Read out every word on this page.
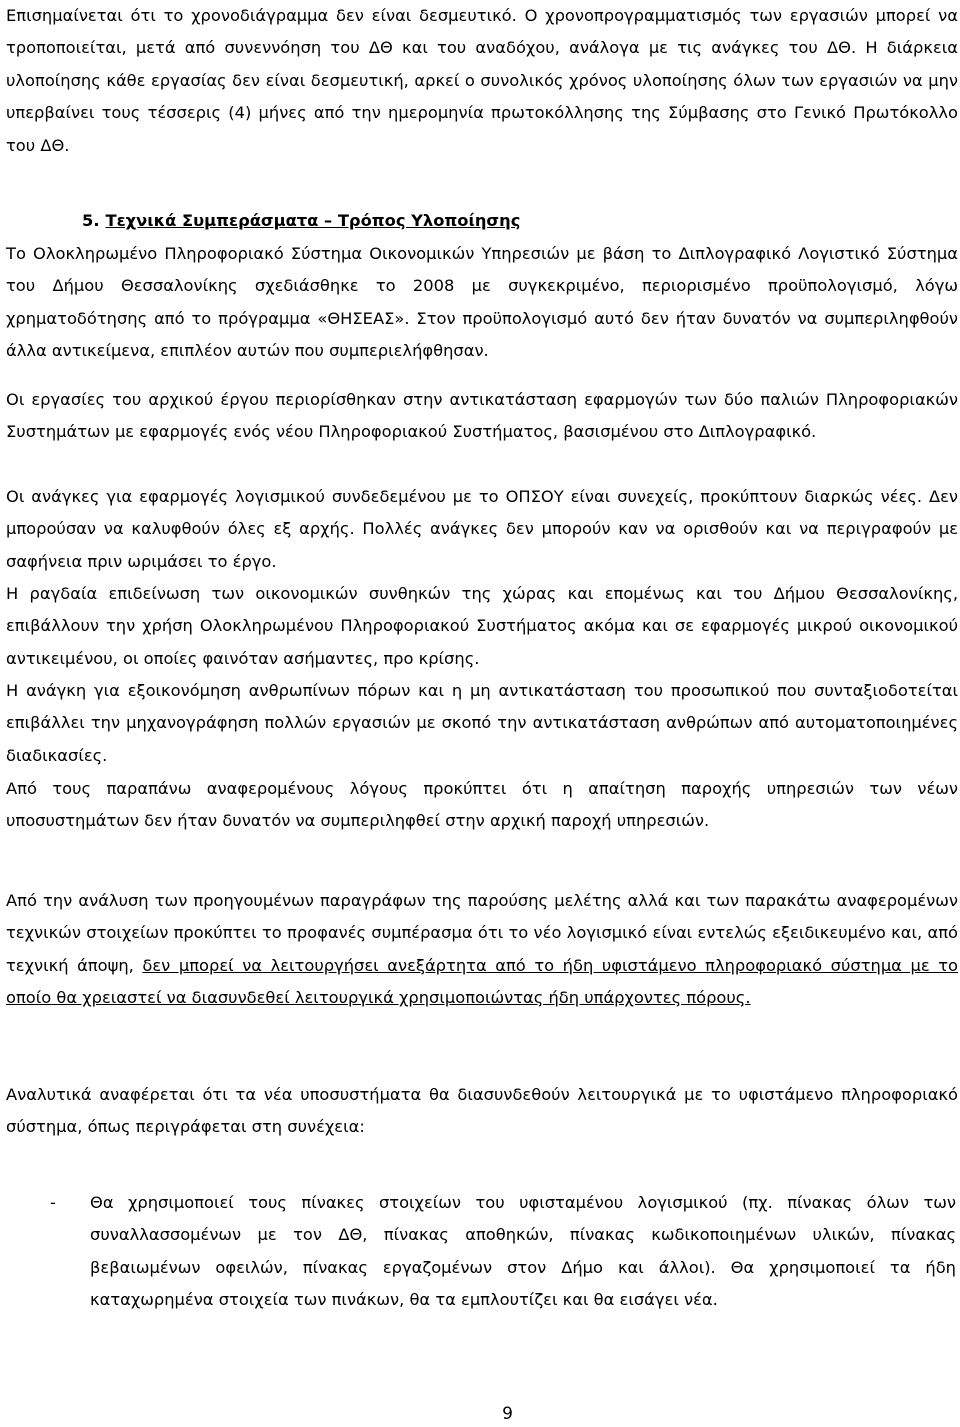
Επισημαίνεται ότι το χρονοδιάγραμμα δεν είναι δεσμευτικό. Ο χρονοπρογραμματισμός των εργασιών μπορεί να τροποποιείται, μετά από συνεννόηση του ΔΘ και του αναδόχου, ανάλογα με τις ανάγκες του ΔΘ. Η διάρκεια υλοποίησης κάθε εργασίας δεν είναι δεσμευτική, αρκεί ο συνολικός χρόνος υλοποίησης όλων των εργασιών να μην υπερβαίνει τους τέσσερις (4) μήνες από την ημερομηνία πρωτοκόλλησης της Σύμβασης στο Γενικό Πρωτόκολλο του ΔΘ.

5. Τεχνικά Συμπεράσματα – Τρόπος Υλοποίησης

Το Ολοκληρωμένο Πληροφοριακό Σύστημα Οικονομικών Υπηρεσιών με βάση το Διπλογραφικό Λογιστικό Σύστημα του Δήμου Θεσσαλονίκης σχεδιάσθηκε το 2008 με συγκεκριμένο, περιορισμένο προϋπολογισμό, λόγω χρηματοδότησης από το πρόγραμμα «ΘΗΣΕΑΣ». Στον προϋπολογισμό αυτό δεν ήταν δυνατόν να συμπεριληφθούν άλλα αντικείμενα, επιπλέον αυτών που συμπεριελήφθησαν.

Οι εργασίες του αρχικού έργου περιορίσθηκαν στην αντικατάσταση εφαρμογών των δύο παλιών Πληροφοριακών Συστημάτων με εφαρμογές ενός νέου Πληροφοριακού Συστήματος, βασισμένου στο Διπλογραφικό.

Οι ανάγκες για εφαρμογές λογισμικού συνδεδεμένου με το ΟΠΣΟΥ είναι συνεχείς, προκύπτουν διαρκώς νέες. Δεν μπορούσαν να καλυφθούν όλες εξ αρχής. Πολλές ανάγκες δεν μπορούν καν να ορισθούν και να περιγραφούν με σαφήνεια πριν ωριμάσει το έργο.

Η ραγδαία επιδείνωση των οικονομικών συνθηκών της χώρας και επομένως και του Δήμου Θεσσαλονίκης, επιβάλλουν την χρήση Ολοκληρωμένου Πληροφοριακού Συστήματος ακόμα και σε εφαρμογές μικρού οικονομικού αντικειμένου, οι οποίες φαινόταν ασήμαντες, προ κρίσης.

Η ανάγκη για εξοικονόμηση ανθρωπίνων πόρων και η μη αντικατάσταση του προσωπικού που συνταξιοδοτείται επιβάλλει την μηχανογράφηση πολλών εργασιών με σκοπό την αντικατάσταση ανθρώπων από αυτοματοποιημένες διαδικασίες.

Από τους παραπάνω αναφερομένους λόγους προκύπτει ότι η απαίτηση παροχής υπηρεσιών των νέων υποσυστημάτων δεν ήταν δυνατόν να συμπεριληφθεί στην αρχική παροχή υπηρεσιών.

Από την ανάλυση των προηγουμένων παραγράφων της παρούσης μελέτης αλλά και των παρακάτω αναφερομένων τεχνικών στοιχείων προκύπτει το προφανές συμπέρασμα ότι το νέο λογισμικό είναι εντελώς εξειδικευμένο και, από τεχνική άποψη, δεν μπορεί να λειτουργήσει ανεξάρτητα από το ήδη υφιστάμενο πληροφοριακό σύστημα με το οποίο θα χρειαστεί να διασυνδεθεί λειτουργικά χρησιμοποιώντας ήδη υπάρχοντες πόρους.

Αναλυτικά αναφέρεται ότι τα νέα υποσυστήματα θα διασυνδεθούν λειτουργικά με το υφιστάμενο πληροφοριακό σύστημα, όπως περιγράφεται στη συνέχεια:

- Θα χρησιμοποιεί τους πίνακες στοιχείων του υφισταμένου λογισμικού (πχ. πίνακας όλων των συναλλασσομένων με τον ΔΘ, πίνακας αποθηκών, πίνακας κωδικοποιημένων υλικών, πίνακας βεβαιωμένων οφειλών, πίνακας εργαζομένων στον Δήμο και άλλοι). Θα χρησιμοποιεί τα ήδη καταχωρημένα στοιχεία των πινάκων, θα τα εμπλουτίζει και θα εισάγει νέα.

9
